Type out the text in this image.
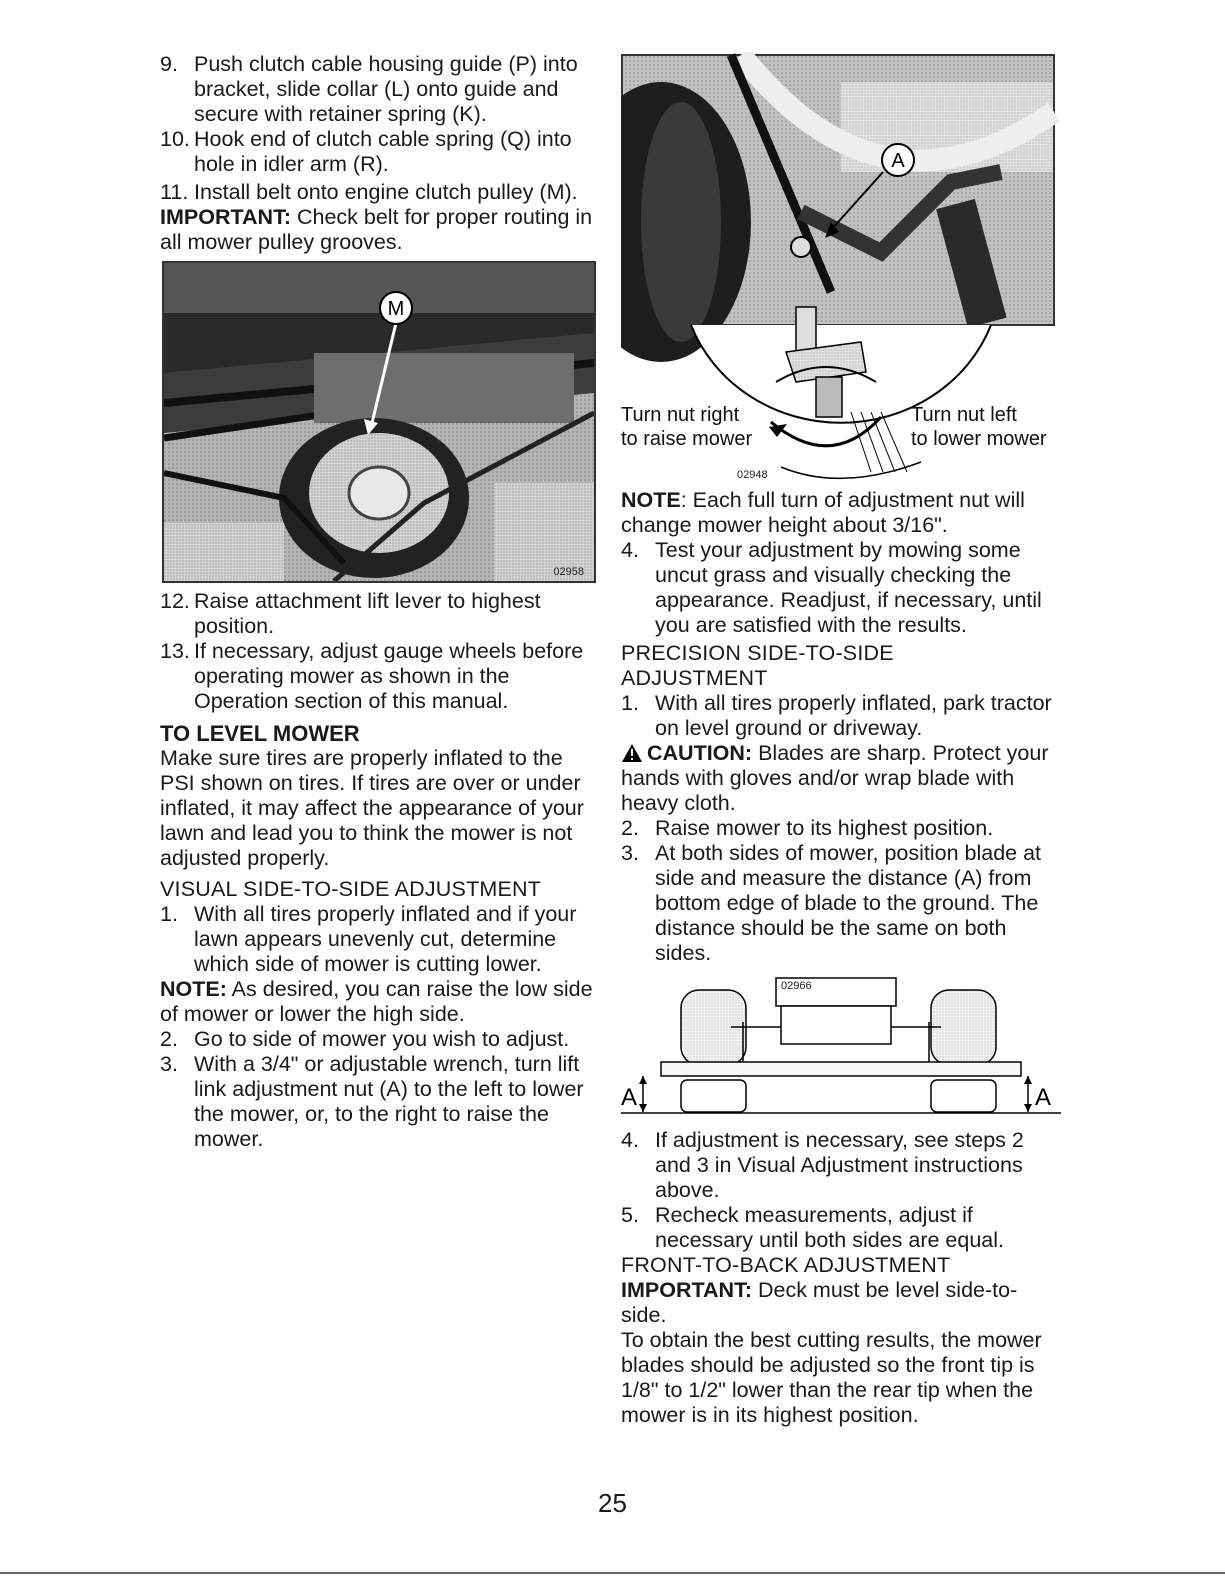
9. Push clutch cable housing guide (P) into bracket, slide collar (L) onto guide and secure with retainer spring (K).
10. Hook end of clutch cable spring (Q) into hole in idler arm (R).
11. Install belt onto engine clutch pulley (M).

IMPORTANT: Check belt for proper routing in all mower pulley grooves.

M
02958
12. Raise attachment lift lever to highest position.
13. If necessary, adjust gauge wheels before operating mower as shown in the Operation section of this manual.

TO LEVEL MOWER

Make sure tires are properly inflated to the PSI shown on tires. If tires are over or under inflated, it may affect the appearance of your lawn and lead you to think the mower is not adjusted properly.

VISUAL SIDE-TO-SIDE ADJUSTMENT

1. With all tires properly inflated and if your lawn appears unevenly cut, determine which side of mower is cutting lower.

NOTE: As desired, you can raise the low side of mower or lower the high side.

2. Go to side of mower you wish to adjust.
3. With a 3/4" or adjustable wrench, turn lift link adjustment nut (A) to the left to lower the mower, or, to the right to raise the mower.
A
Turn nut right
to raise mower
Turn nut left
to lower mower
02948

NOTE: Each full turn of adjustment nut will change mower height about 3/16".

4. Test your adjustment by mowing some uncut grass and visually checking the appearance. Readjust, if necessary, until you are satisfied with the results.

PRECISION SIDE-TO-SIDE

ADJUSTMENT

1. With all tires properly inflated, park tractor on level ground or driveway.

CAUTION: Blades are sharp. Protect your hands with gloves and/or wrap blade with heavy cloth.

2. Raise mower to its highest position.
3. At both sides of mower, position blade at side and measure the distance (A) from bottom edge of blade to the ground. The distance should be the same on both sides.
02966
A	A
4. If adjustment is necessary, see steps 2 and 3 in Visual Adjustment instructions above.
5. Recheck measurements, adjust if necessary until both sides are equal.

FRONT-TO-BACK ADJUSTMENT

IMPORTANT: Deck must be level side-to-side.

To obtain the best cutting results, the mower blades should be adjusted so the front tip is 1/8" to 1/2" lower than the rear tip when the mower is in its highest position.

25
